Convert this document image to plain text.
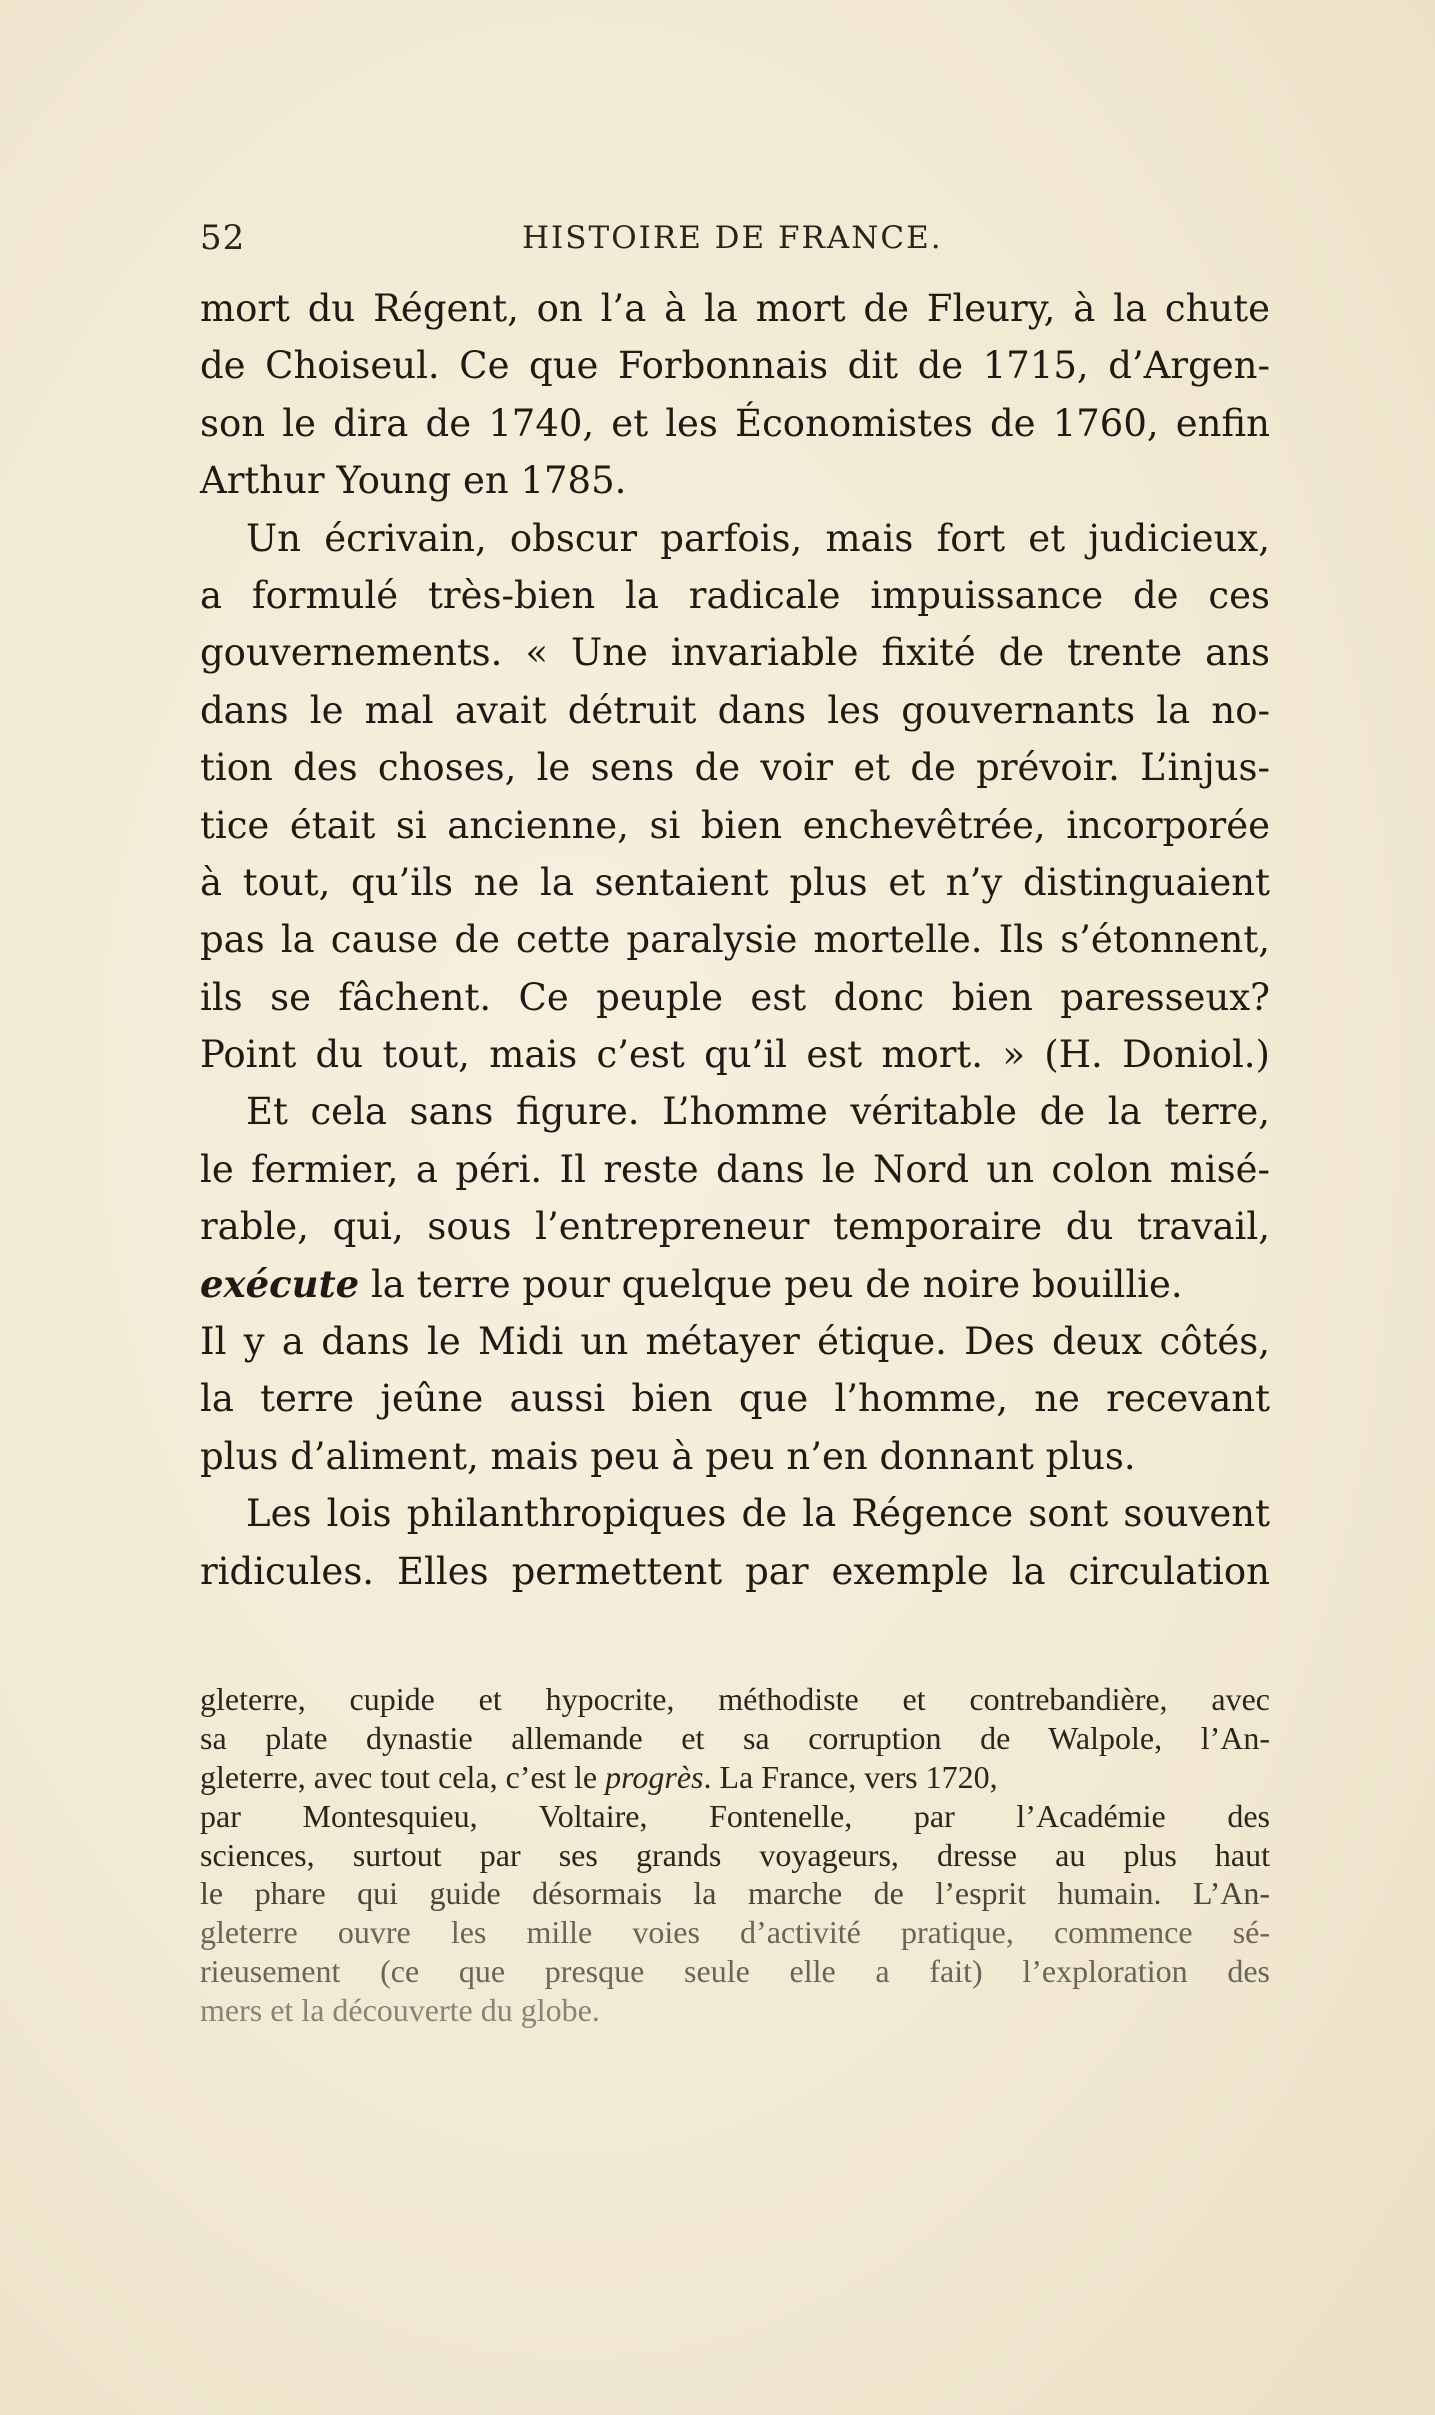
52	HISTOIRE DE FRANCE.
mort du Régent, on l’a à la mort de Fleury, à la chute
de Choiseul. Ce que Forbonnais dit de 1715, d’Argen-
son le dira de 1740, et les Économistes de 1760, enfin
Arthur Young en 1785.
Un écrivain, obscur parfois, mais fort et judicieux,
a formulé très-bien la radicale impuissance de ces
gouvernements. « Une invariable fixité de trente ans
dans le mal avait détruit dans les gouvernants la no-
tion des choses, le sens de voir et de prévoir. L’injus-
tice était si ancienne, si bien enchevêtrée, incorporée
à tout, qu’ils ne la sentaient plus et n’y distinguaient
pas la cause de cette paralysie mortelle. Ils s’étonnent,
ils se fâchent. Ce peuple est donc bien paresseux?
Point du tout, mais c’est qu’il est mort. » (H. Doniol.)
Et cela sans figure. L’homme véritable de la terre,
le fermier, a péri. Il reste dans le Nord un colon misé-
rable, qui, sous l’entrepreneur temporaire du travail,
exécute la terre pour quelque peu de noire bouillie.
Il y a dans le Midi un métayer étique. Des deux côtés,
la terre jeûne aussi bien que l’homme, ne recevant
plus d’aliment, mais peu à peu n’en donnant plus.
Les lois philanthropiques de la Régence sont souvent
ridicules. Elles permettent par exemple la circulation
gleterre, cupide et hypocrite, méthodiste et contrebandière, avec
sa plate dynastie allemande et sa corruption de Walpole, l’An-
gleterre, avec tout cela, c’est le progrès. La France, vers 1720,
par Montesquieu, Voltaire, Fontenelle, par l’Académie des
sciences, surtout par ses grands voyageurs, dresse au plus haut
le phare qui guide désormais la marche de l’esprit humain. L’An-
gleterre ouvre les mille voies d’activité pratique, commence sé-
rieusement (ce que presque seule elle a fait) l’exploration des
mers et la découverte du globe.
